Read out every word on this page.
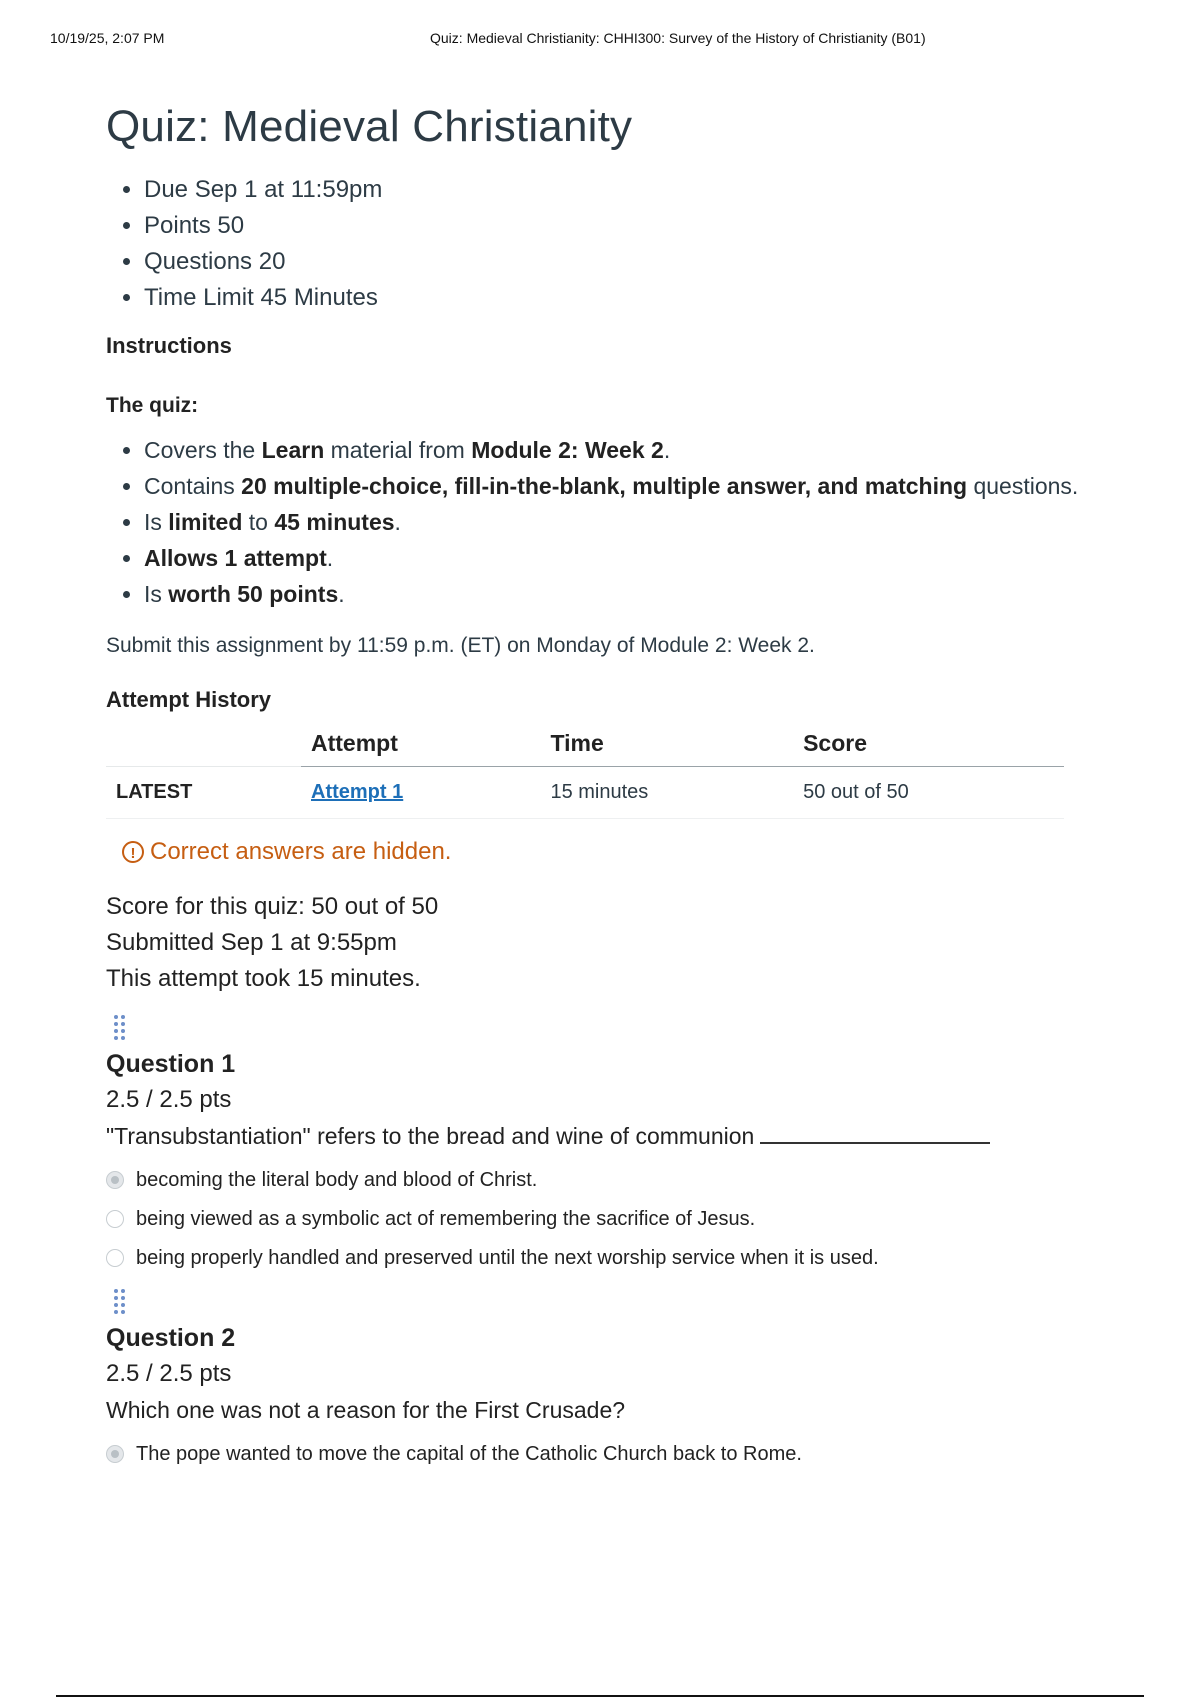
10/19/25, 2:07 PM	Quiz: Medieval Christianity: CHHI300: Survey of the History of Christianity (B01)
Quiz: Medieval Christianity
• Due Sep 1 at 11:59pm
• Points 50
• Questions 20
• Time Limit 45 Minutes
Instructions
The quiz:
• Covers the Learn material from Module 2: Week 2.
• Contains 20 multiple-choice, fill-in-the-blank, multiple answer, and matching questions.
• Is limited to 45 minutes.
• Allows 1 attempt.
• Is worth 50 points.
Submit this assignment by 11:59 p.m. (ET) on Monday of Module 2: Week 2.
Attempt History
	Attempt	Time	Score
LATEST	Attempt 1	15 minutes	50 out of 50
! Correct answers are hidden.
Score for this quiz: 50 out of 50
Submitted Sep 1 at 9:55pm
This attempt took 15 minutes.
Question 1
2.5 / 2.5 pts
"Transubstantiation" refers to the bread and wine of communion
becoming the literal body and blood of Christ.
being viewed as a symbolic act of remembering the sacrifice of Jesus.
being properly handled and preserved until the next worship service when it is used.
Question 2
2.5 / 2.5 pts
Which one was not a reason for the First Crusade?
The pope wanted to move the capital of the Catholic Church back to Rome.
